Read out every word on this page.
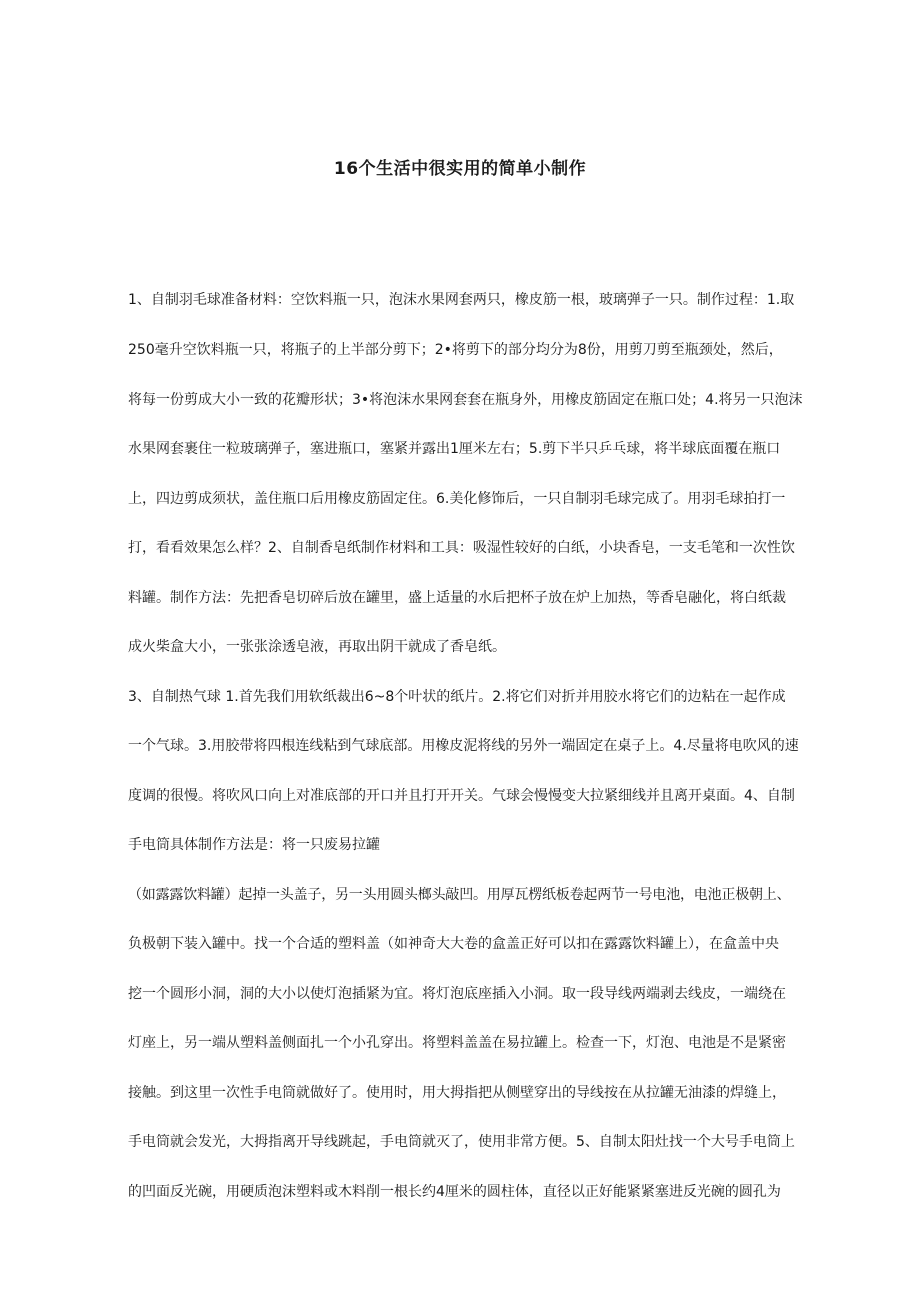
16个生活中很实用的简单小制作

1、自制羽毛球准备材料：空饮料瓶一只，泡沫水果网套两只，橡皮筋一根，玻璃弹子一只。制作过程：1.取

250毫升空饮料瓶一只，将瓶子的上半部分剪下；2•将剪下的部分均分为8份，用剪刀剪至瓶颈处，然后，

将每一份剪成大小一致的花瓣形状；3•将泡沫水果网套套在瓶身外，用橡皮筋固定在瓶口处；4.将另一只泡沫

水果网套裹住一粒玻璃弹子，塞进瓶口，塞紧并露出1厘米左右；5.剪下半只乒乓球，将半球底面覆在瓶口

上，四边剪成须状，盖住瓶口后用橡皮筋固定住。6.美化修饰后，一只自制羽毛球完成了。用羽毛球拍打一

打，看看效果怎么样？2、自制香皂纸制作材料和工具：吸湿性较好的白纸，小块香皂，一支毛笔和一次性饮

料罐。制作方法：先把香皂切碎后放在罐里，盛上适量的水后把杯子放在炉上加热，等香皂融化，将白纸裁

成火柴盒大小，一张张涂透皂液，再取出阴干就成了香皂纸。

3、自制热气球 1.首先我们用软纸裁出6~8个叶状的纸片。2.将它们对折并用胶水将它们的边粘在一起作成

一个气球。3.用胶带将四根连线粘到气球底部。用橡皮泥将线的另外一端固定在桌子上。4.尽量将电吹风的速

度调的很慢。将吹风口向上对准底部的开口并且打开开关。气球会慢慢变大拉紧细线并且离开桌面。4、自制

手电筒具体制作方法是：将一只废易拉罐

（如露露饮料罐）起掉一头盖子，另一头用圆头榔头敲凹。用厚瓦楞纸板卷起两节一号电池，电池正极朝上、

负极朝下装入罐中。找一个合适的塑料盖（如神奇大大卷的盒盖正好可以扣在露露饮料罐上），在盒盖中央

挖一个圆形小洞，洞的大小以使灯泡插紧为宜。将灯泡底座插入小洞。取一段导线两端剥去线皮，一端绕在

灯座上，另一端从塑料盖侧面扎一个小孔穿出。将塑料盖盖在易拉罐上。检查一下，灯泡、电池是不是紧密

接触。到这里一次性手电筒就做好了。使用时，用大拇指把从侧壁穿出的导线按在从拉罐无油漆的焊缝上，

手电筒就会发光，大拇指离开导线跳起，手电筒就灭了，使用非常方便。5、自制太阳灶找一个大号手电筒上

的凹面反光碗，用硬质泡沫塑料或木料削一根长约4厘米的圆柱体，直径以正好能紧紧塞进反光碗的圆孔为
